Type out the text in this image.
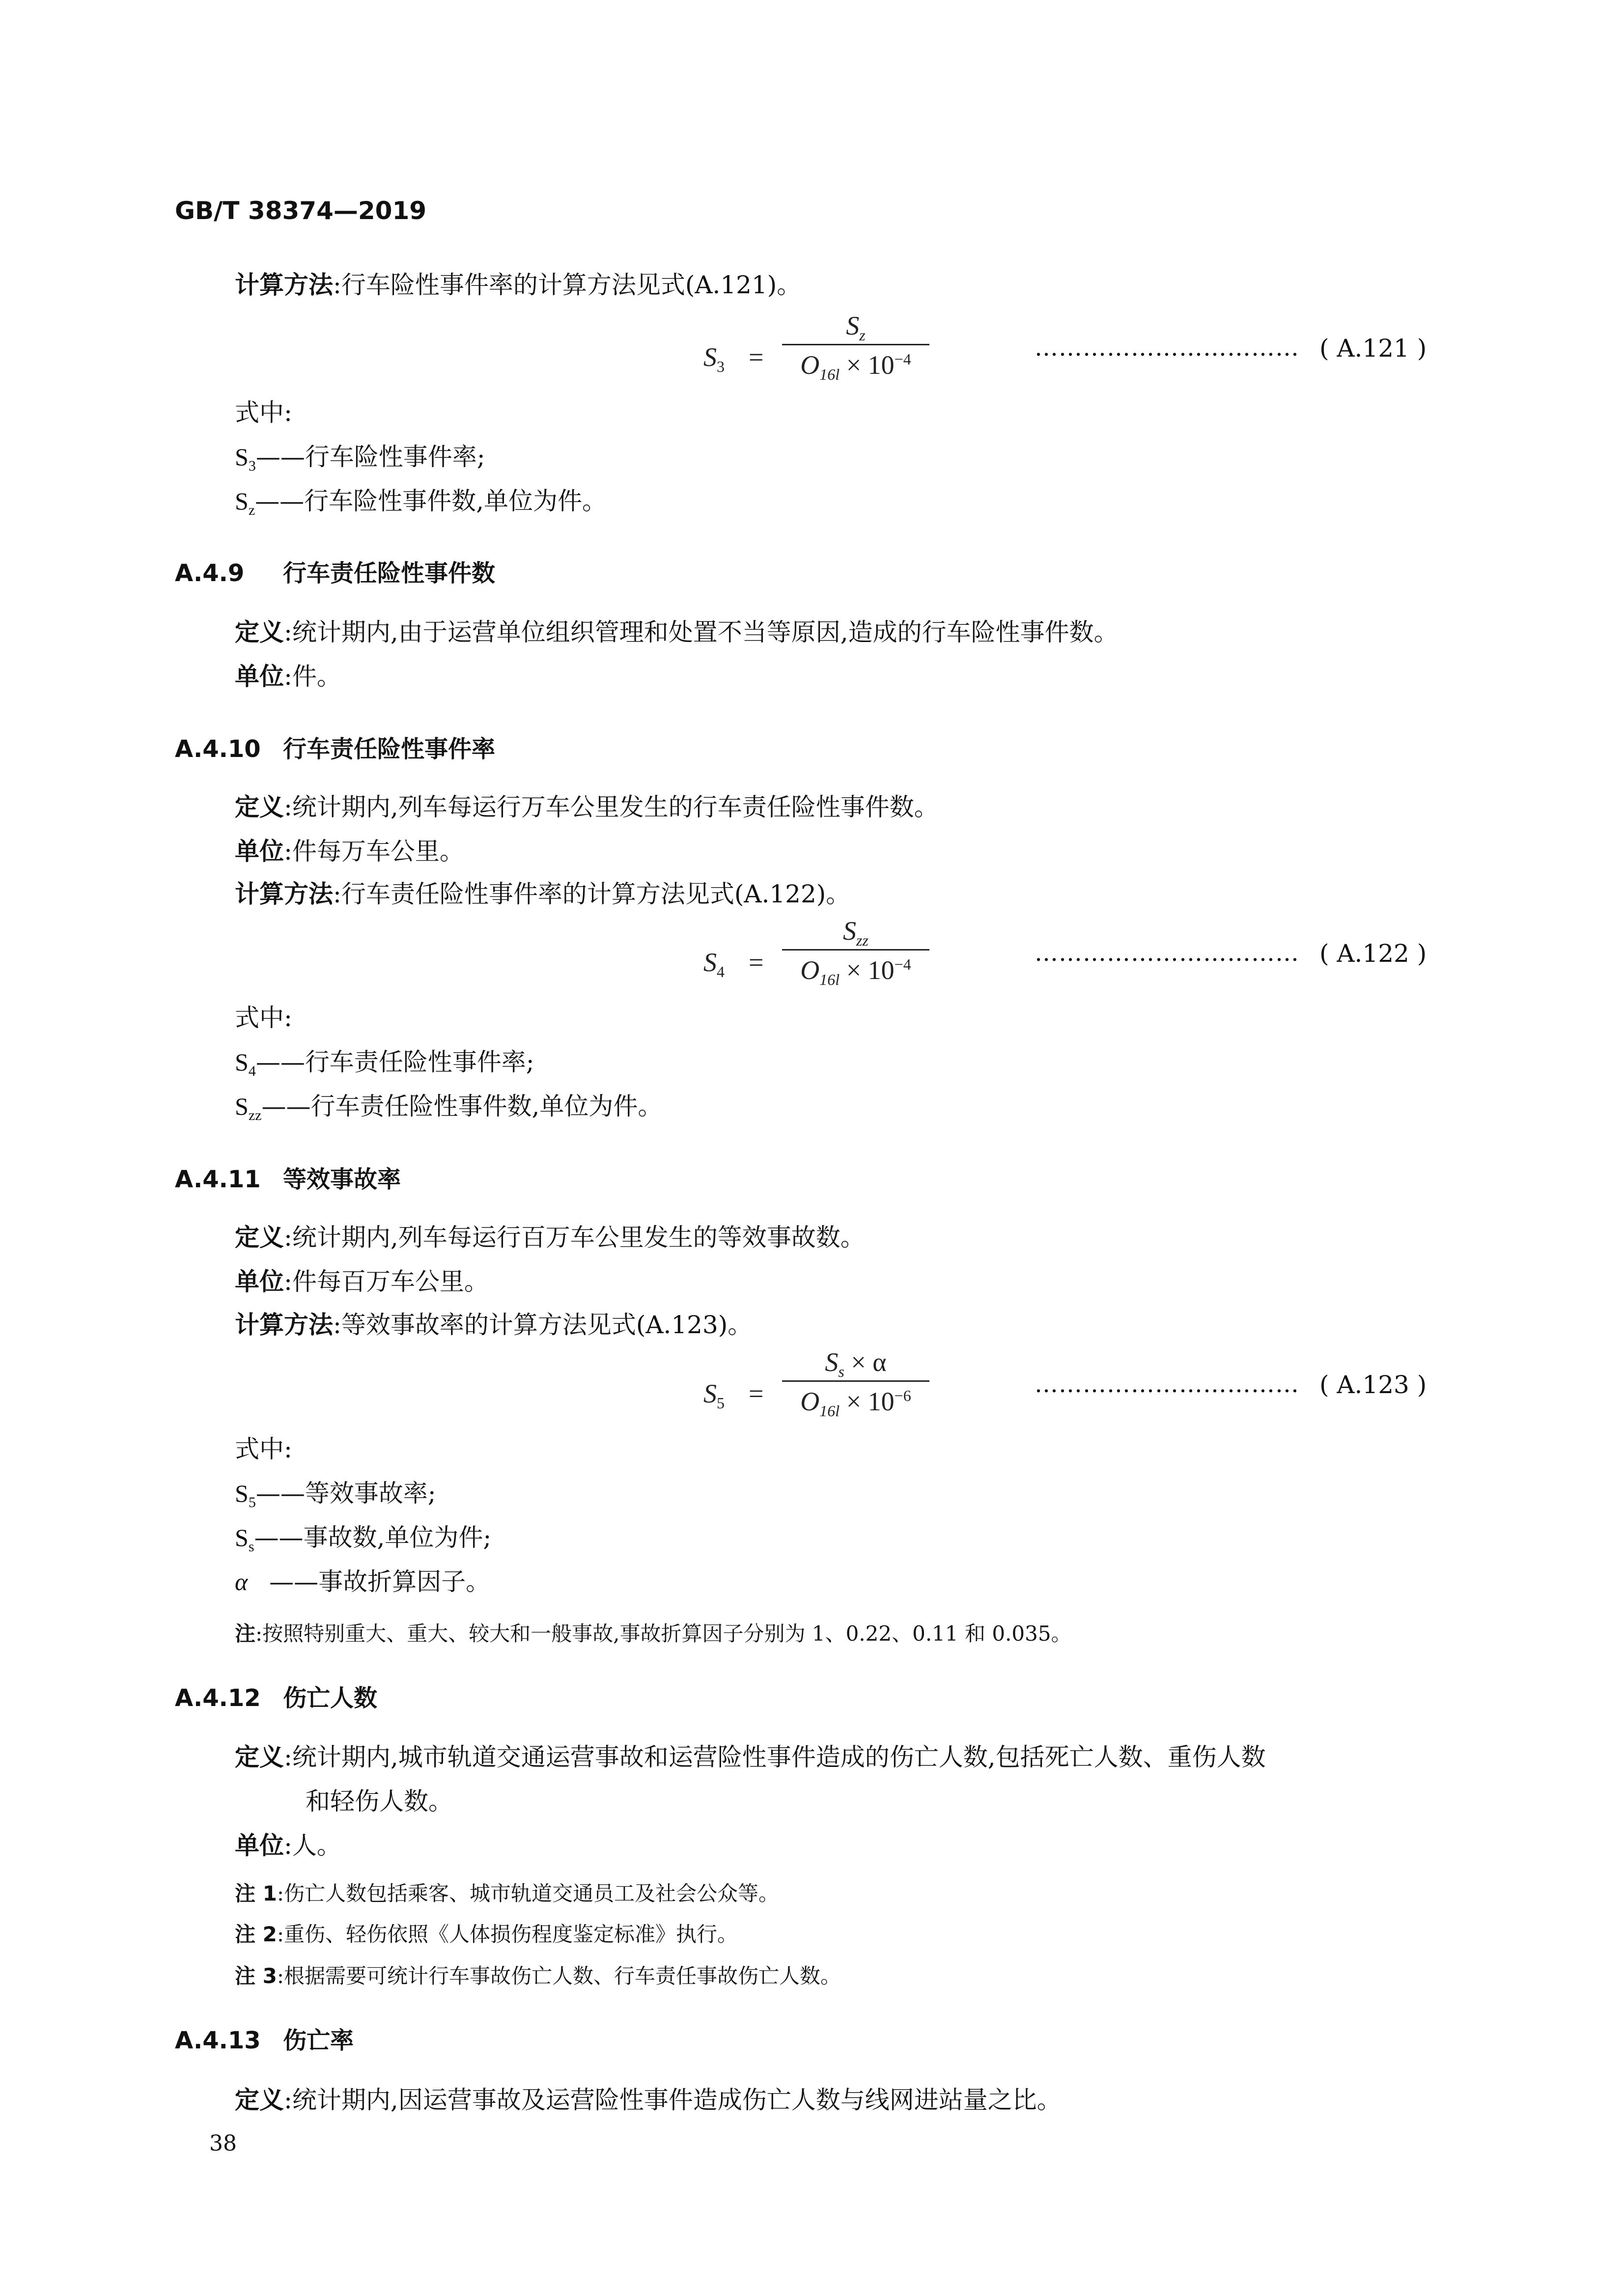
GB/T 38374—2019
计算方法:行车险性事件率的计算方法见式(A.121)。
$S_3$ =
$S_z$
$O_{16l} \times 10^{-4}$	…………………………… ( A.121 )
式中:
$S_3——$行车险性事件率;
$S_z——$行车险性事件数,单位为件。
A.4.9 行车责任险性事件数
定义:统计期内,由于运营单位组织管理和处置不当等原因,造成的行车险性事件数。
单位:件。
A.4.10 行车责任险性事件率
定义:统计期内,列车每运行万车公里发生的行车责任险性事件数。
单位:件每万车公里。
计算方法:行车责任险性事件率的计算方法见式(A.122)。
$S_4$ =
$S_{zz}$
$O_{16l} \times 10^{-4}$	…………………………… ( A.122 )
式中:
$S_4——$行车责任险性事件率;
$S_{zz}——$行车责任险性事件数,单位为件。
A.4.11 等效事故率
定义:统计期内,列车每运行百万车公里发生的等效事故数。
单位:件每百万车公里。
计算方法:等效事故率的计算方法见式(A.123)。
$S_5$ =
$S_s \times \alpha$
$O_{16l} \times 10^{-6}$	…………………………… ( A.123 )
式中:
$S_5——$等效事故率;
$S_s——$事故数,单位为件;
α ——事故折算因子。
注:按照特别重大、重大、较大和一般事故,事故折算因子分别为 1、0.22、0.11 和 0.035。
A.4.12 伤亡人数
定义:统计期内,城市轨道交通运营事故和运营险性事件造成的伤亡人数,包括死亡人数、重伤人数
和轻伤人数。
单位:人。
注 1:伤亡人数包括乘客、城市轨道交通员工及社会公众等。
注 2:重伤、轻伤依照《人体损伤程度鉴定标准》执行。
注 3:根据需要可统计行车事故伤亡人数、行车责任事故伤亡人数。
A.4.13 伤亡率
定义:统计期内,因运营事故及运营险性事件造成伤亡人数与线网进站量之比。
38
